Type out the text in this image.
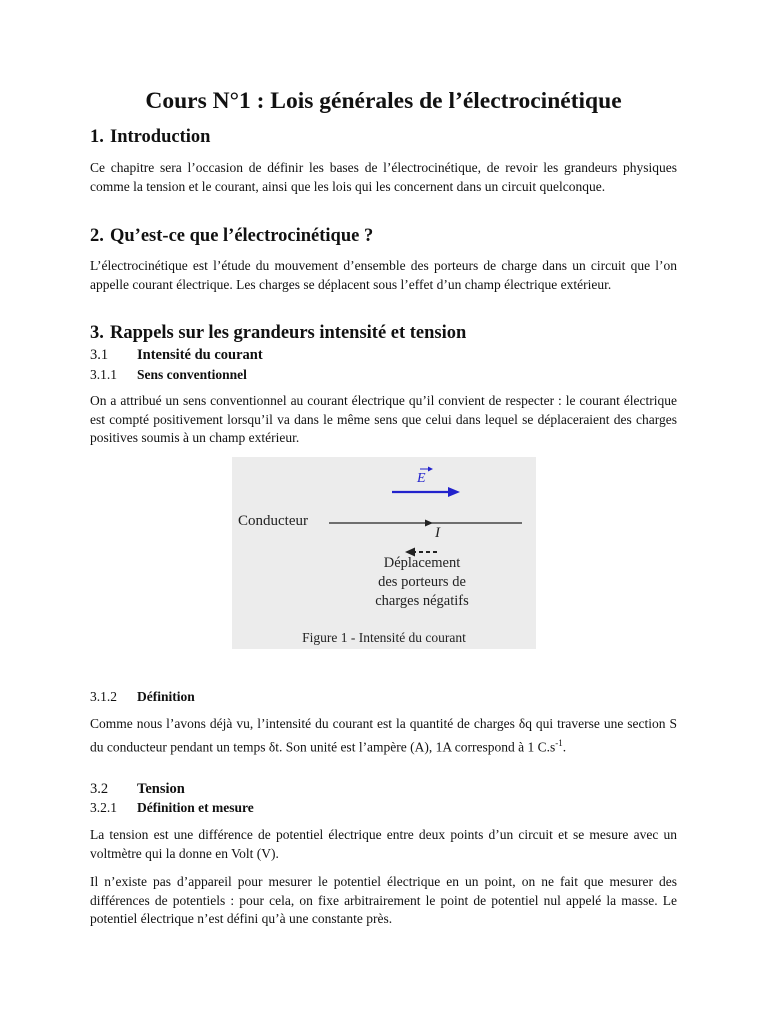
Cours N°1 : Lois générales de l’électrocinétique
1. Introduction

Ce chapitre sera l’occasion de définir les bases de l’électrocinétique, de revoir les grandeurs physiques comme la tension et le courant, ainsi que les lois qui les concernent dans un circuit quelconque.

2. Qu’est-ce que l’électrocinétique ?

L’électrocinétique est l’étude du mouvement d’ensemble des porteurs de charge dans un circuit que l’on appelle courant électrique. Les charges se déplacent sous l’effet d’un champ électrique extérieur.

3. Rappels sur les grandeurs intensité et tension
3.1 Intensité du courant
3.1.1 Sens conventionnel

On a attribué un sens conventionnel au courant électrique qu’il convient de respecter : le courant électrique est compté positivement lorsqu’il va dans le même sens que celui dans lequel se déplaceraient des charges positives soumis à un champ extérieur.

E
Conducteur
I
Déplacement
des porteurs de
charges négatifs
Figure 1 - Intensité du courant
3.1.2 Définition

Comme nous l’avons déjà vu, l’intensité du courant est la quantité de charges δq qui traverse une section S du conducteur pendant un temps δt. Son unité est l’ampère (A), 1A correspond à 1 $C.s^{-1}$.

3.2 Tension
3.2.1 Définition et mesure

La tension est une différence de potentiel électrique entre deux points d’un circuit et se mesure avec un voltmètre qui la donne en Volt (V).

Il n’existe pas d’appareil pour mesurer le potentiel électrique en un point, on ne fait que mesurer des différences de potentiels : pour cela, on fixe arbitrairement le point de potentiel nul appelé la masse. Le potentiel électrique n’est défini qu’à une constante près.
